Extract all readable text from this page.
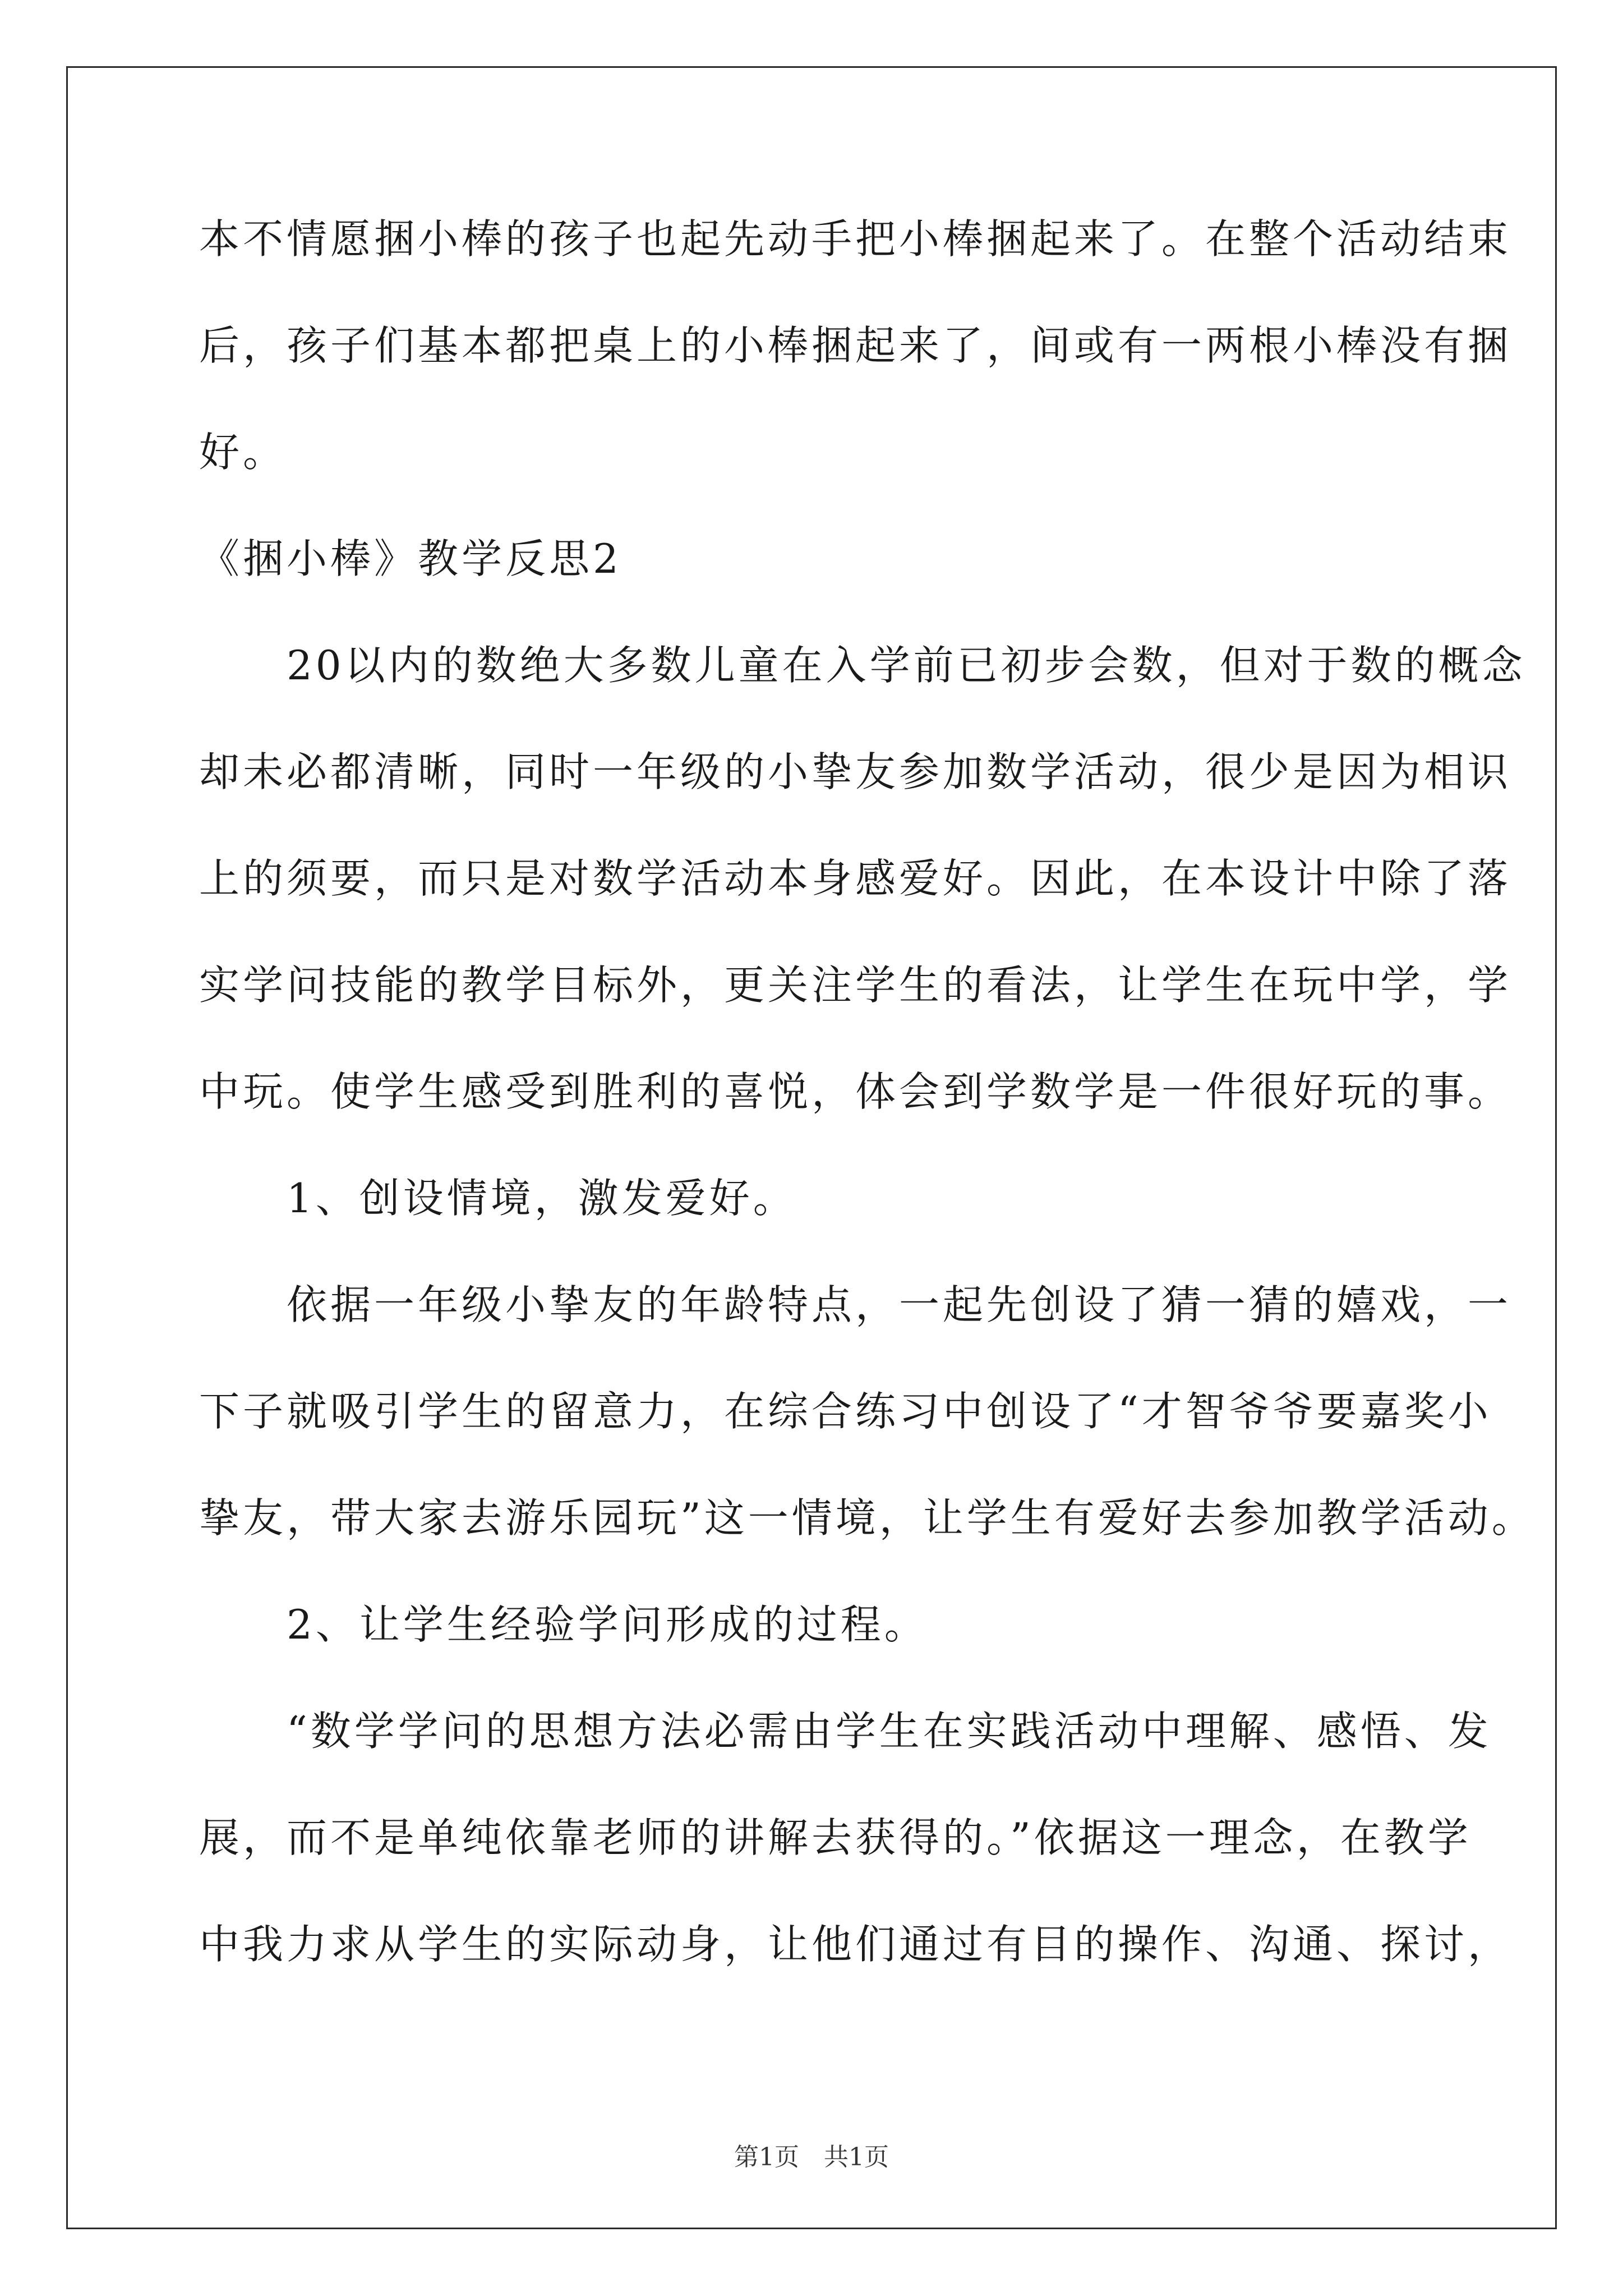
本不情愿捆小棒的孩子也起先动手把小棒捆起来了。在整个活动结束
后，孩子们基本都把桌上的小棒捆起来了，间或有一两根小棒没有捆
好。
《捆小棒》教学反思2
　　20以内的数绝大多数儿童在入学前已初步会数，但对于数的概念
却未必都清晰，同时一年级的小挚友参加数学活动，很少是因为相识
上的须要，而只是对数学活动本身感爱好。因此，在本设计中除了落
实学问技能的教学目标外，更关注学生的看法，让学生在玩中学，学
中玩。使学生感受到胜利的喜悦，体会到学数学是一件很好玩的事。
　　1、创设情境，激发爱好。
　　依据一年级小挚友的年龄特点，一起先创设了猜一猜的嬉戏，一
下子就吸引学生的留意力，在综合练习中创设了“才智爷爷要嘉奖小
挚友，带大家去游乐园玩”这一情境，让学生有爱好去参加教学活动。
　　2、让学生经验学问形成的过程。
　　“数学学问的思想方法必需由学生在实践活动中理解、感悟、发
展，而不是单纯依靠老师的讲解去获得的。”依据这一理念，在教学
中我力求从学生的实际动身，让他们通过有目的操作、沟通、探讨，
第1页　共1页
